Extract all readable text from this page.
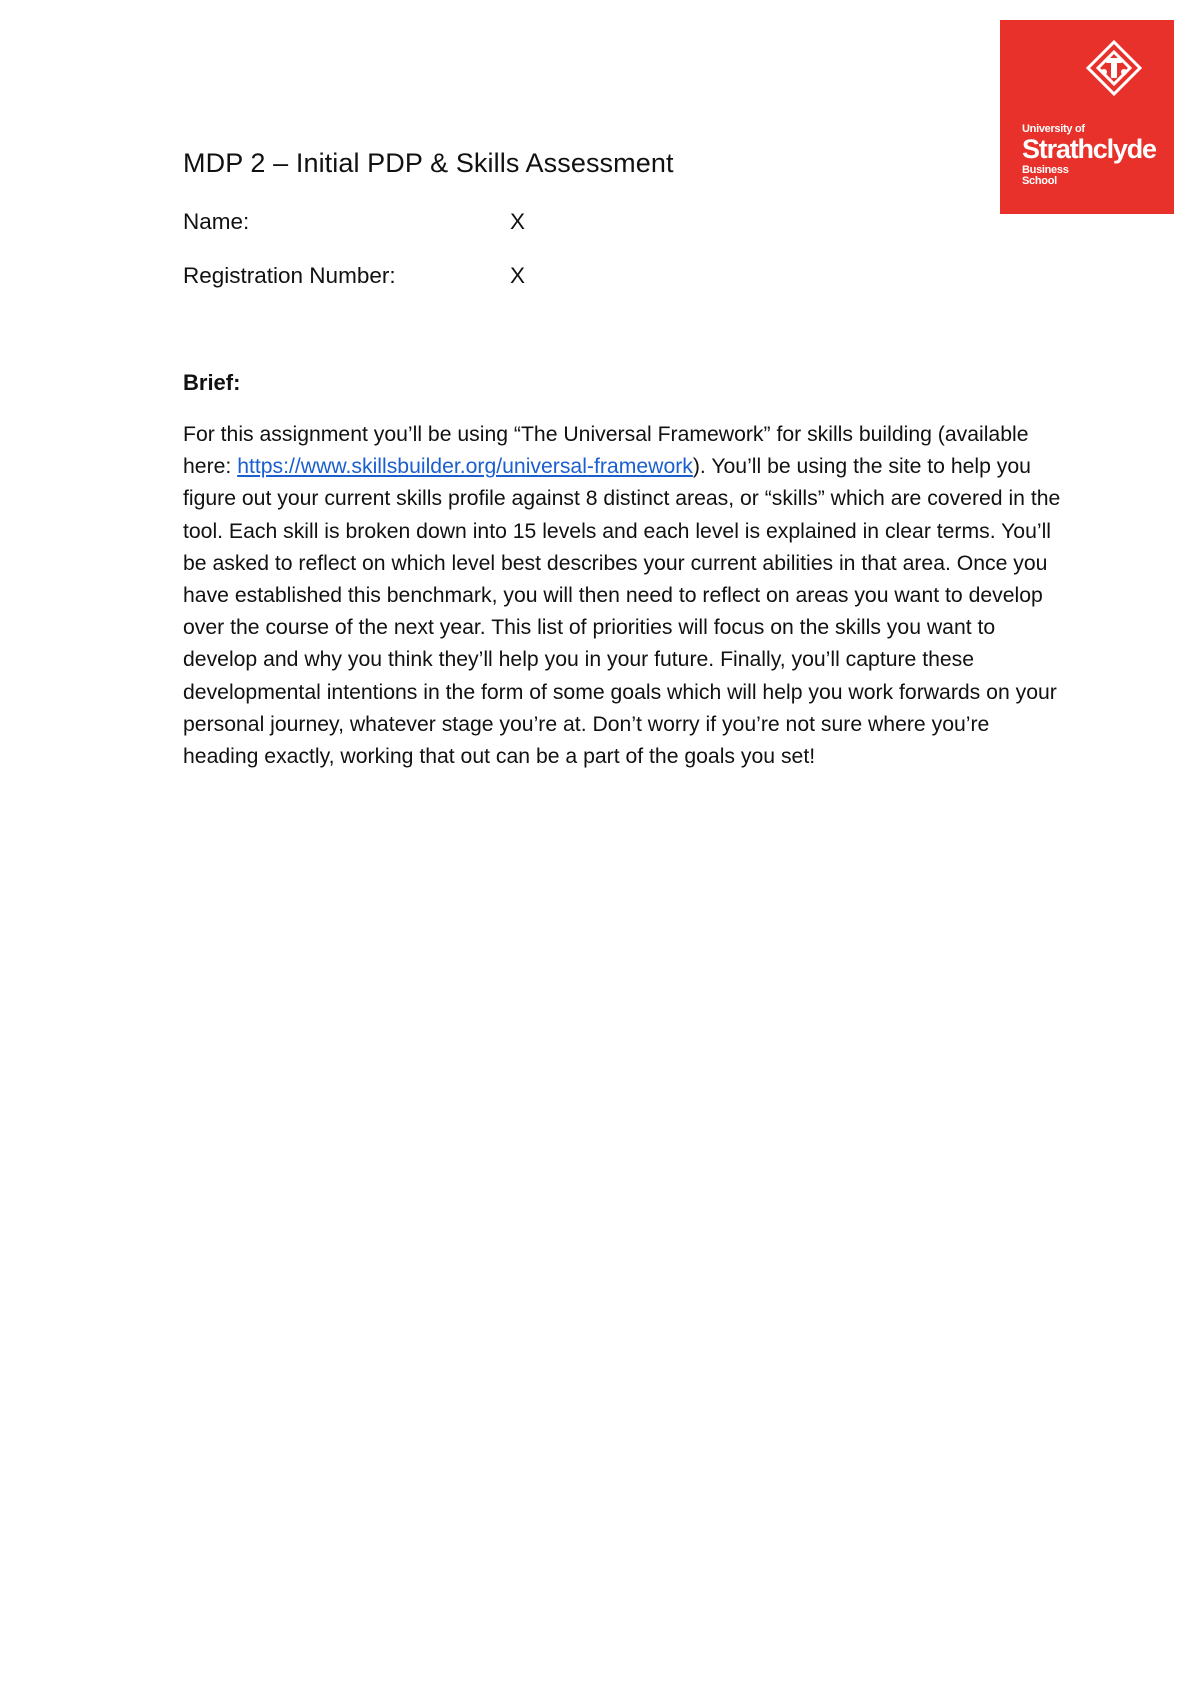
University of
Strathclyde
Business
School
MDP 2 – Initial PDP & Skills Assessment
Name:	X
Registration Number:	X
Brief:

For this assignment you’ll be using “The Universal Framework” for skills building (available here: https://www.skillsbuilder.org/universal-framework). You’ll be using the site to help you figure out your current skills profile against 8 distinct areas, or “skills” which are covered in the tool. Each skill is broken down into 15 levels and each level is explained in clear terms. You’ll be asked to reflect on which level best describes your current abilities in that area. Once you have established this benchmark, you will then need to reflect on areas you want to develop over the course of the next year. This list of priorities will focus on the skills you want to develop and why you think they’ll help you in your future. Finally, you’ll capture these developmental intentions in the form of some goals which will help you work forwards on your personal journey, whatever stage you’re at. Don’t worry if you’re not sure where you’re heading exactly, working that out can be a part of the goals you set!
